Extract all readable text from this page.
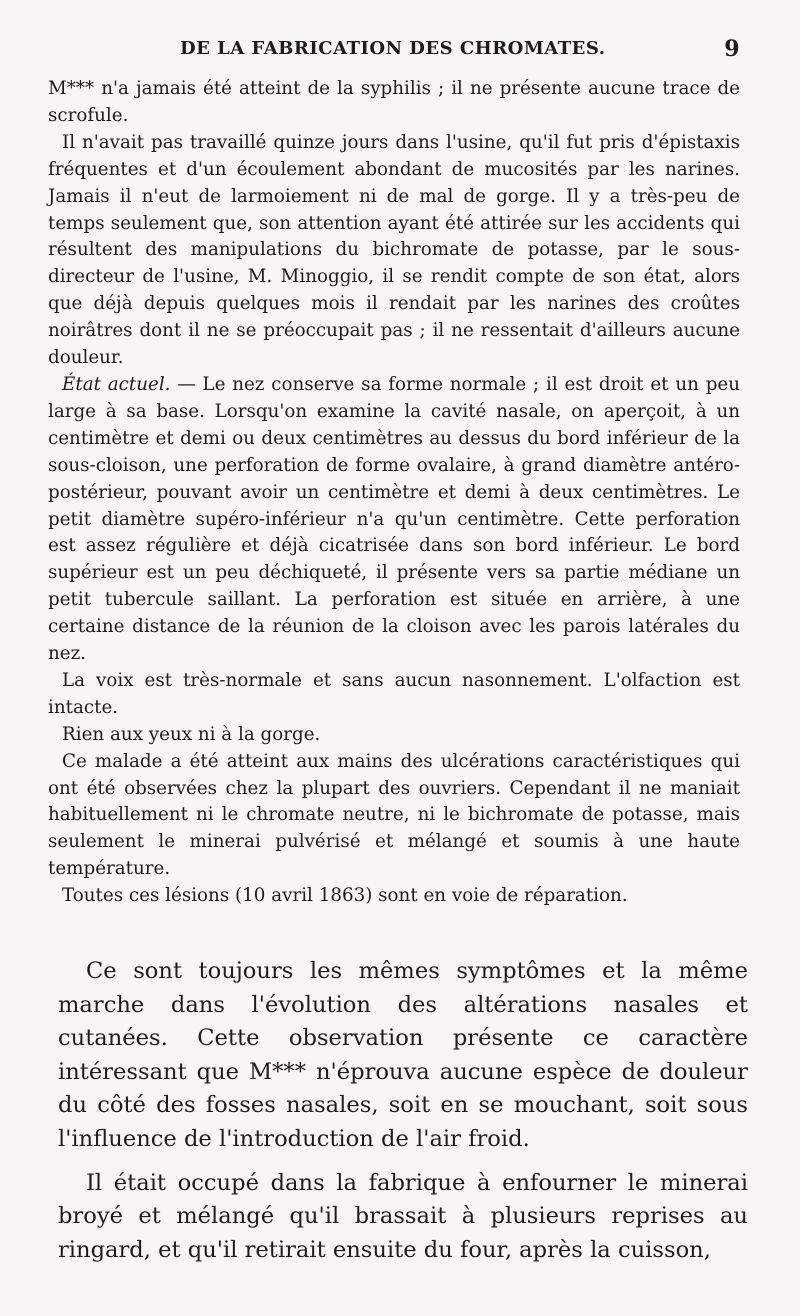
DE LA FABRICATION DES CHROMATES.	9

M*** n'a jamais été atteint de la syphilis ; il ne présente aucune trace de scrofule.

Il n'avait pas travaillé quinze jours dans l'usine, qu'il fut pris d'épistaxis fréquentes et d'un écoulement abondant de mucosités par les narines. Jamais il n'eut de larmoiement ni de mal de gorge. Il y a très-peu de temps seulement que, son attention ayant été attirée sur les accidents qui résultent des manipulations du bichromate de potasse, par le sous-directeur de l'usine, M. Minoggio, il se rendit compte de son état, alors que déjà depuis quelques mois il rendait par les narines des croûtes noirâtres dont il ne se préoccupait pas ; il ne ressentait d'ailleurs aucune douleur.

État actuel. — Le nez conserve sa forme normale ; il est droit et un peu large à sa base. Lorsqu'on examine la cavité nasale, on aperçoit, à un centimètre et demi ou deux centimètres au dessus du bord inférieur de la sous-cloison, une perforation de forme ovalaire, à grand diamètre antéro-postérieur, pouvant avoir un centimètre et demi à deux centimètres. Le petit diamètre supéro-inférieur n'a qu'un centimètre. Cette perforation est assez régulière et déjà cicatrisée dans son bord inférieur. Le bord supérieur est un peu déchiqueté, il présente vers sa partie médiane un petit tubercule saillant. La perforation est située en arrière, à une certaine distance de la réunion de la cloison avec les parois latérales du nez.

La voix est très-normale et sans aucun nasonnement. L'olfaction est intacte.

Rien aux yeux ni à la gorge.

Ce malade a été atteint aux mains des ulcérations caractéristiques qui ont été observées chez la plupart des ouvriers. Cependant il ne maniait habituellement ni le chromate neutre, ni le bichromate de potasse, mais seulement le minerai pulvérisé et mélangé et soumis à une haute température.

Toutes ces lésions (10 avril 1863) sont en voie de réparation.

Ce sont toujours les mêmes symptômes et la même marche dans l'évolution des altérations nasales et cutanées. Cette observation présente ce caractère intéressant que M*** n'éprouva aucune espèce de douleur du côté des fosses nasales, soit en se mouchant, soit sous l'influence de l'introduction de l'air froid.

Il était occupé dans la fabrique à enfourner le minerai broyé et mélangé qu'il brassait à plusieurs reprises au ringard, et qu'il retirait ensuite du four, après la cuisson,
